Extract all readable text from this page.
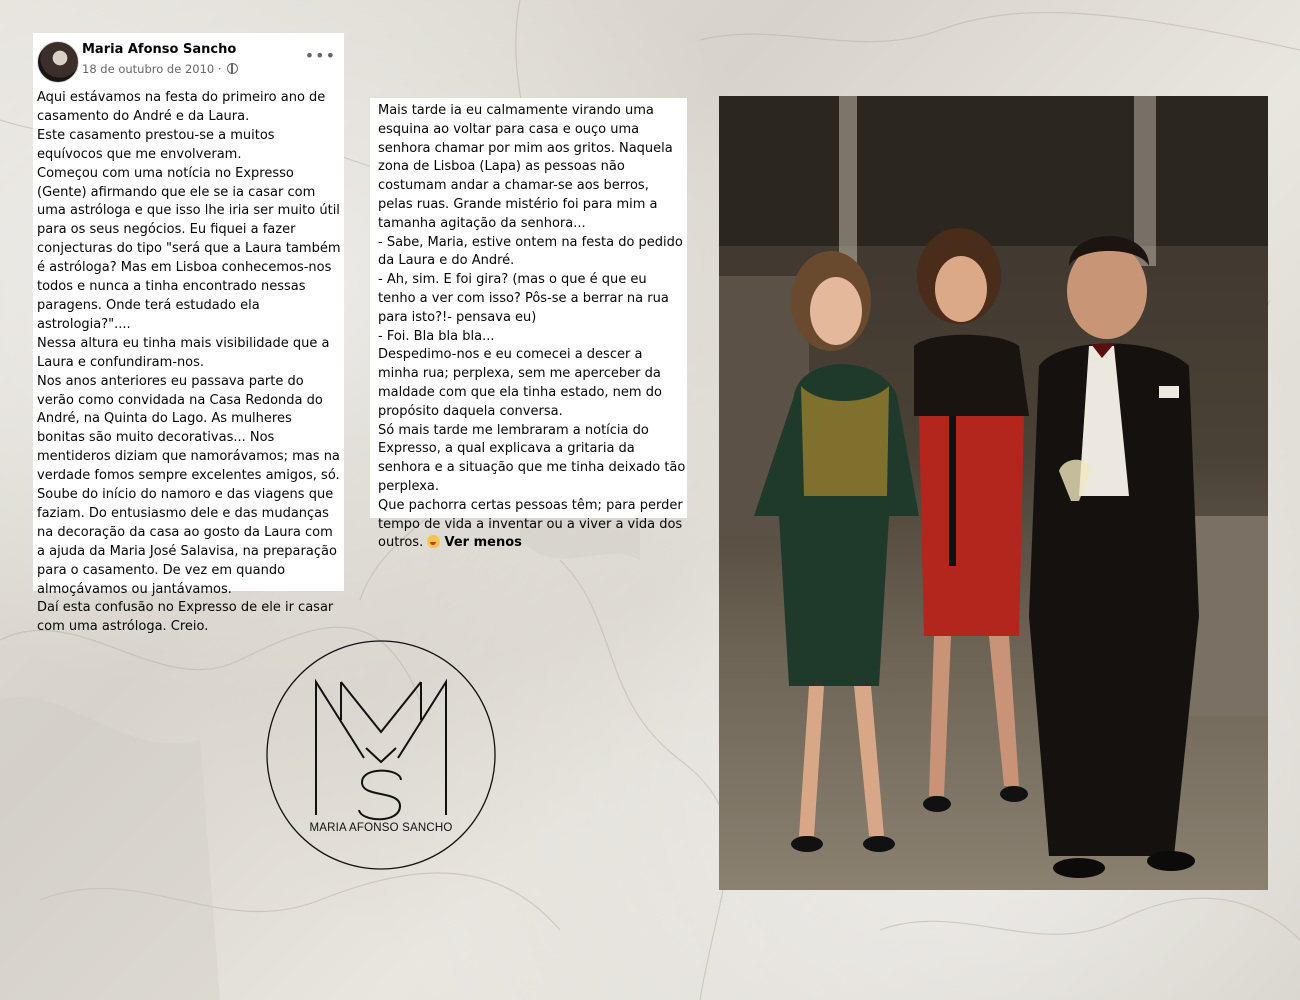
Maria Afonso Sancho
18 de outubro de 2010 ·
•••

Aqui estávamos na festa do primeiro ano de casamento do André e da Laura.

Este casamento prestou-se a muitos equívocos que me envolveram.

Começou com uma notícia no Expresso (Gente) afirmando que ele se ia casar com uma astróloga e que isso lhe iria ser muito útil para os seus negócios. Eu fiquei a fazer conjecturas do tipo "será que a Laura também é astróloga? Mas em Lisboa conhecemos-nos todos e nunca a tinha encontrado nessas paragens. Onde terá estudado ela astrologia?"....

Nessa altura eu tinha mais visibilidade que a Laura e confundiram-nos.

Nos anos anteriores eu passava parte do verão como convidada na Casa Redonda do André, na Quinta do Lago. As mulheres bonitas são muito decorativas... Nos mentideros diziam que namorávamos; mas na verdade fomos sempre excelentes amigos, só. Soube do início do namoro e das viagens que faziam. Do entusiasmo dele e das mudanças na decoração da casa ao gosto da Laura com a ajuda da Maria José Salavisa, na preparação para o casamento. De vez em quando almoçávamos ou jantávamos.

Daí esta confusão no Expresso de ele ir casar com uma astróloga. Creio.

Mais tarde ia eu calmamente virando uma esquina ao voltar para casa e ouço uma senhora chamar por mim aos gritos. Naquela zona de Lisboa (Lapa) as pessoas não costumam andar a chamar-se aos berros, pelas ruas. Grande mistério foi para mim a tamanha agitação da senhora...

- Sabe, Maria, estive ontem na festa do pedido da Laura e do André.

- Ah, sim. E foi gira? (mas o que é que eu tenho a ver com isso? Pôs-se a berrar na rua para isto?!- pensava eu)

- Foi. Bla bla bla...

Despedimo-nos e eu comecei a descer a minha rua; perplexa, sem me aperceber da maldade com que ela tinha estado, nem do propósito daquela conversa.

Só mais tarde me lembraram a notícia do Expresso, a qual explicava a gritaria da senhora e a situação que me tinha deixado tão perplexa.

Que pachorra certas pessoas têm; para perder tempo de vida a inventar ou a viver a vida dos outros. Ver menos

MARIA AFONSO SANCHO
